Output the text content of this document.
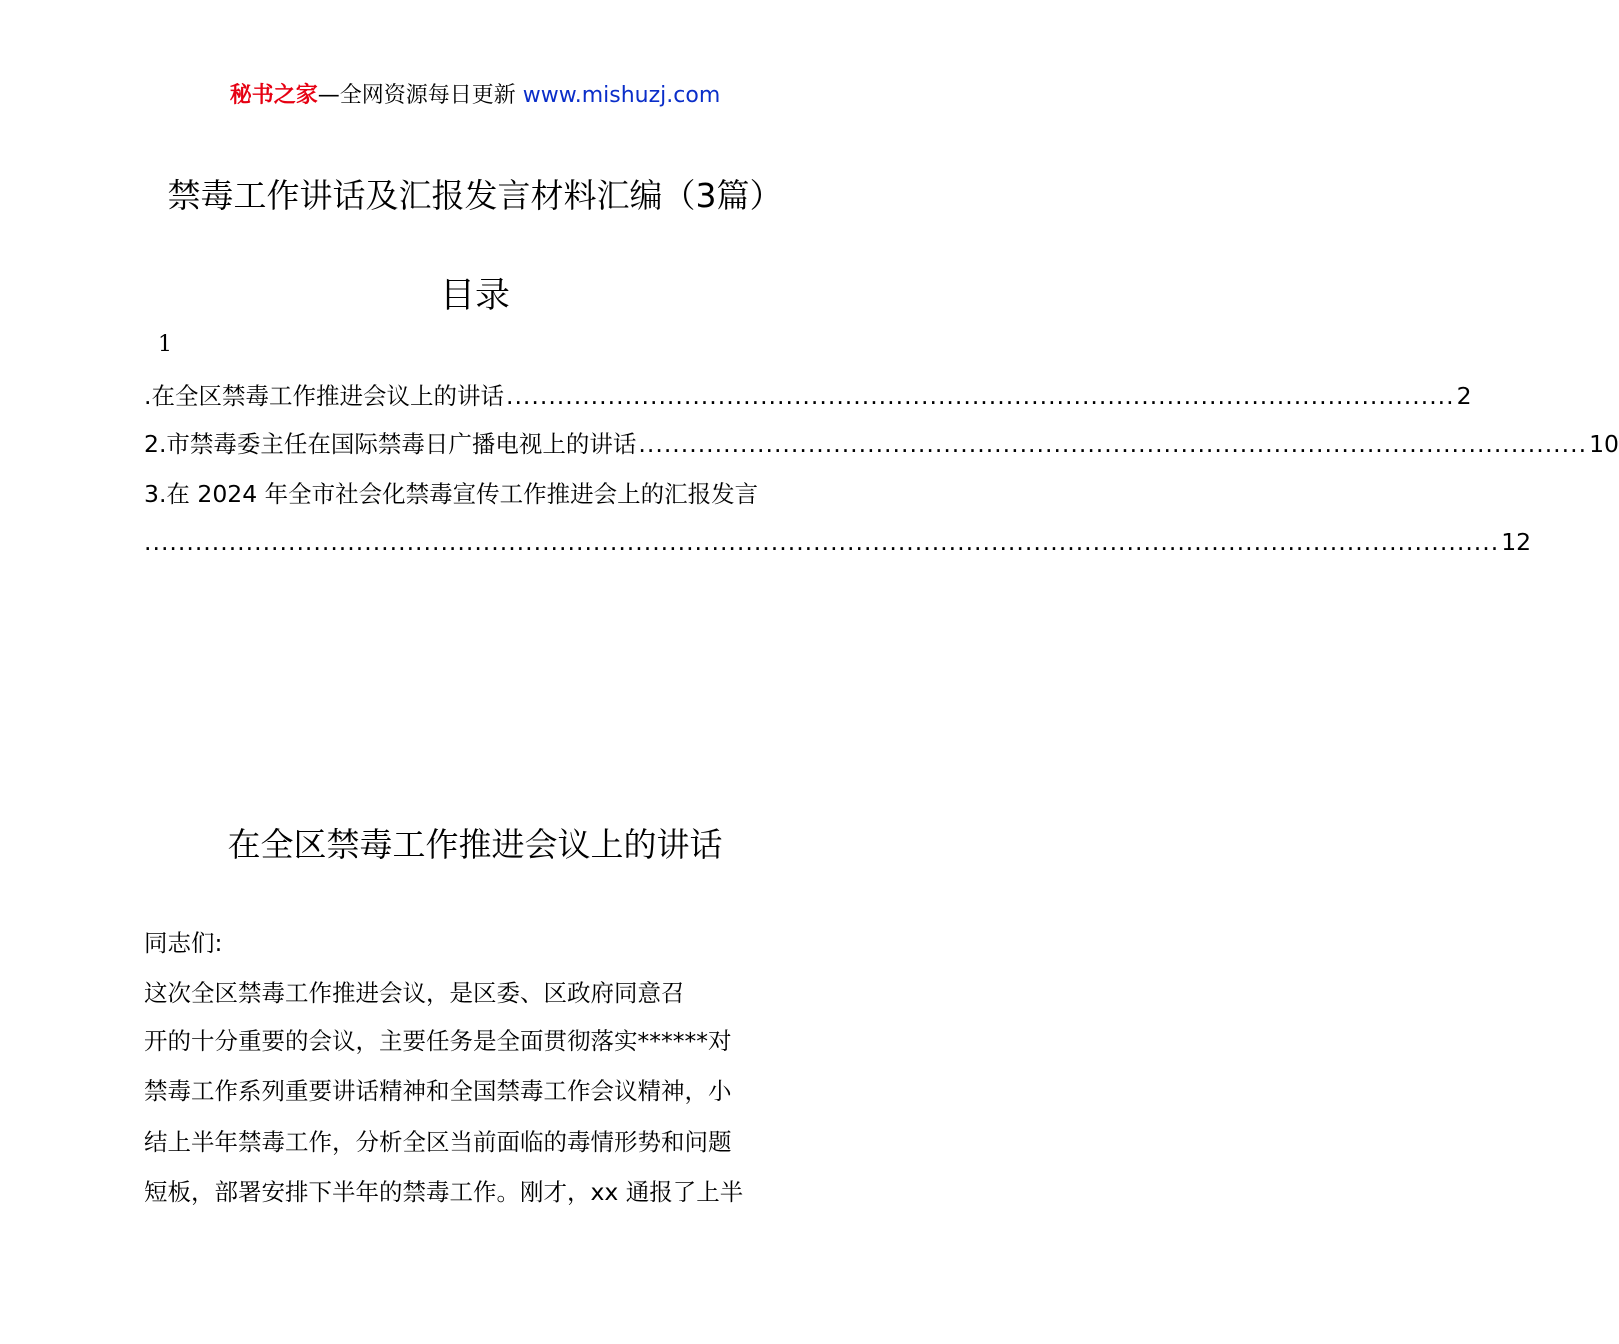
秘书之家—全网资源每日更新 www.mishuzj.com
禁毒工作讲话及汇报发言材料汇编（3篇）
目录
1
.在全区禁毒工作推进会议上的讲话 ................................................................................................................ 2
2.市禁毒委主任在国际禁毒日广播电视上的讲话 ................................................................................................................ 10
3.在 2024 年全市社会化禁毒宣传工作推进会上的汇报发言
................................................................................................................................................................ 12
在全区禁毒工作推进会议上的讲话
同志们:
这次全区禁毒工作推进会议，是区委、区政府同意召
开的十分重要的会议，主要任务是全面贯彻落实******对
禁毒工作系列重要讲话精神和全国禁毒工作会议精神，小
结上半年禁毒工作，分析全区当前面临的毒情形势和问题
短板，部署安排下半年的禁毒工作。刚才，xx 通报了上半
